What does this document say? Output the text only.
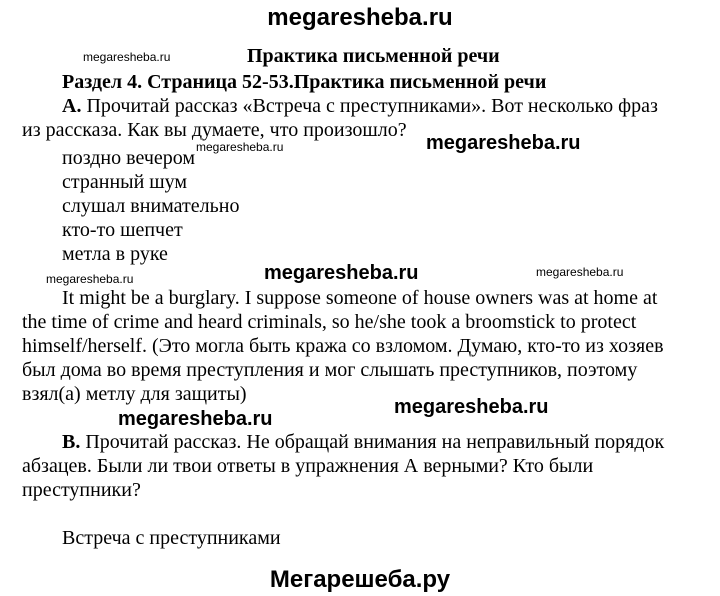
megaresheba.ru
megaresheba.ru	Практика письменной речи
Раздел 4. Страница 52-53.Практика письменной речи
А. Прочитай рассказ «Встреча с преступниками». Вот несколько фраз
из рассказа. Как вы думаете, что произошло?
поздно вечером
странный шум
слушал внимательно
кто-то шепчет
метла в руке
megaresheba.ru	megaresheba.ru
megaresheba.ru	megaresheba.ru	megaresheba.ru
It might be a burglary. I suppose someone of house owners was at home at
the time of crime and heard criminals, so he/she took a broomstick to protect
himself/herself. (Это могла быть кража со взломом. Думаю, кто-то из хозяев
был дома во время преступления и мог слышать преступников, поэтому
взял(а) метлу для защиты)
megaresheba.ru
megaresheba.ru
В. Прочитай рассказ. Не обращай внимания на неправильный порядок
абзацев. Были ли твои ответы в упражнения А верными? Кто были
преступники?
Встреча с преступниками
Мегарешеба.ру
